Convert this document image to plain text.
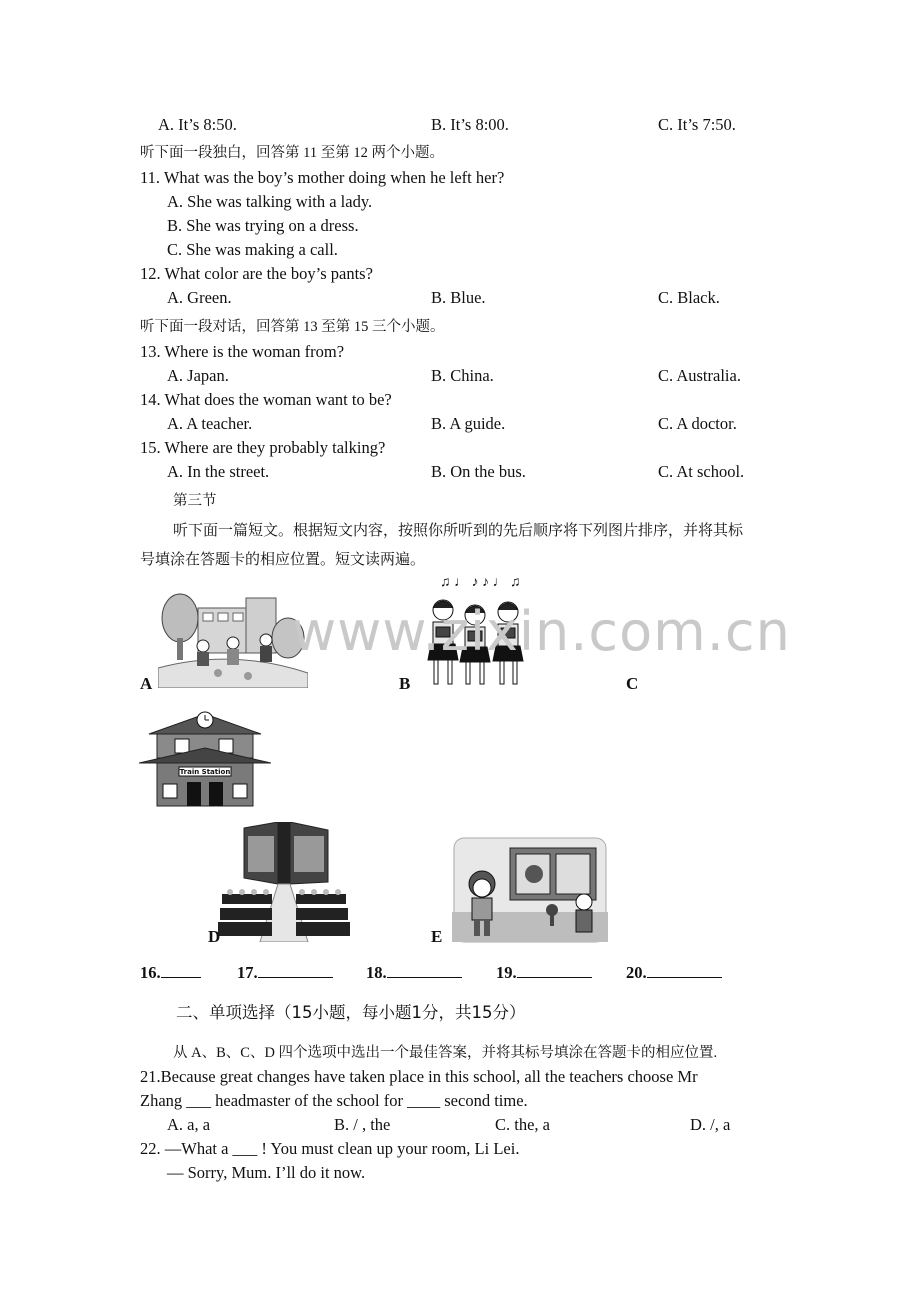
A. It’s 8:50.	B. It’s 8:00.	C. It’s 7:50.
听下面一段独白，回答第 11 至第 12 两个小题。
11. What was the boy’s mother doing when he left her?
A. She was talking with a lady.
B. She was trying on a dress.
C. She was making a call.
12. What color are the boy’s pants?
A. Green.	B. Blue.	C. Black.
听下面一段对话，回答第 13 至第 15 三个小题。
13. Where is the woman from?
A. Japan.	B. China.	C. Australia.
14. What does the woman want to be?
A. A teacher.	B. A guide.	C. A doctor.
15. Where are they probably talking?
A. In the street.	B. On the bus.	C. At school.
第三节
听下面一篇短文。根据短文内容，按照你所听到的先后顺序将下列图片排序，并将其标
号填涂在答题卡的相应位置。短文读两遍。
A
♫ ♩ ♪ ♪ ♩ ♫
B	C
www.zixin.com.cn
Train Station
D	E
16.	17.	18.	19.	20.
二、单项选择（15小题，每小题1分，共15分）
从 A、B、C、D 四个选项中选出一个最佳答案，并将其标号填涂在答题卡的相应位置.
21.Because great changes have taken place in this school, all the teachers choose Mr
Zhang ___ headmaster of the school for ____ second time.
A. a, a	B. / , the	C. the, a	D. /, a
22. —What a ___ ! You must clean up your room, Li Lei.
— Sorry, Mum. I’ll do it now.
